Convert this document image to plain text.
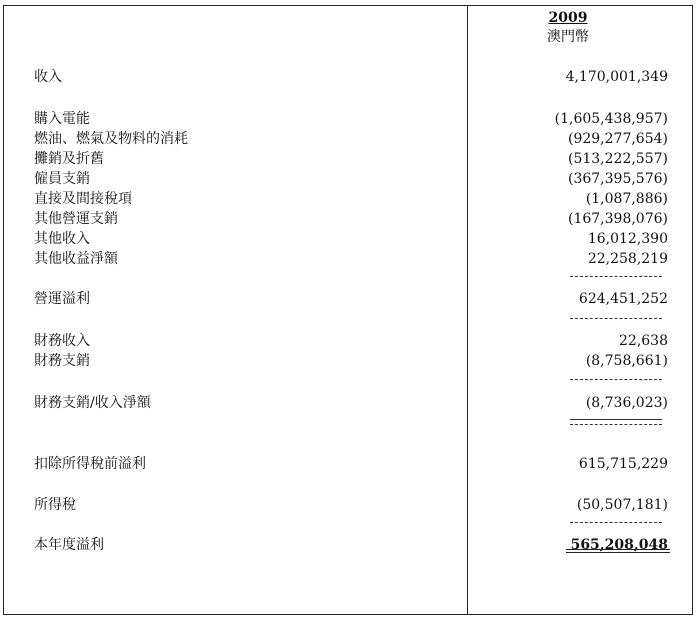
2009
澳門幣
收入	4,170,001,349
購入電能	(1,605,438,957)
燃油、燃氣及物料的消耗	(929,277,654)
攤銷及折舊	(513,222,557)
僱員支銷	(367,395,576)
直接及間接稅項	(1,087,886)
其他營運支銷	(167,398,076)
其他收入	16,012,390
其他收益淨額	22,258,219
營運溢利	624,451,252
財務收入	22,638
財務支銷	(8,758,661)
財務支銷/收入淨額	(8,736,023)
扣除所得稅前溢利	615,715,229
所得稅	(50,507,181)
本年度溢利	565,208,048
